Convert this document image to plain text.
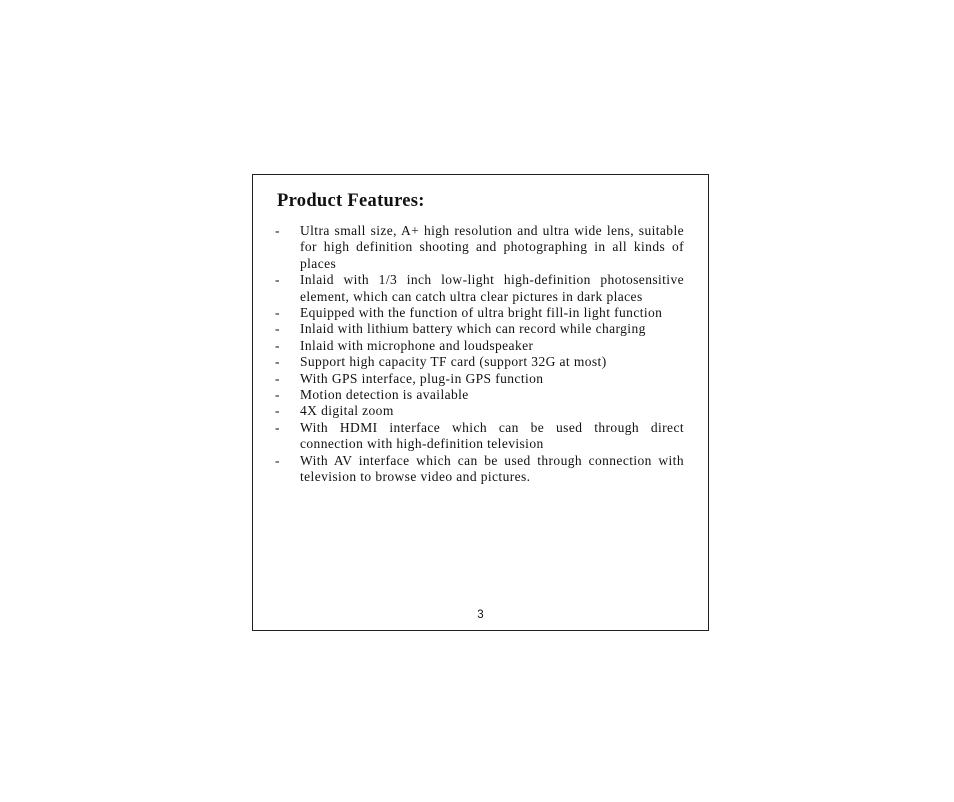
Product Features:
- Ultra small size, A+ high resolution and ultra wide lens, suitable for high definition shooting and photographing in all kinds of places
- Inlaid with 1/3 inch low-light high-definition photosensitive element, which can catch ultra clear pictures in dark places
- Equipped with the function of ultra bright fill-in light function
- Inlaid with lithium battery which can record while charging
- Inlaid with microphone and loudspeaker
- Support high capacity TF card (support 32G at most)
- With GPS interface, plug-in GPS function
- Motion detection is available
- 4X digital zoom
- With HDMI interface which can be used through direct connection with high-definition television
- With AV interface which can be used through connection with television to browse video and pictures.
3
